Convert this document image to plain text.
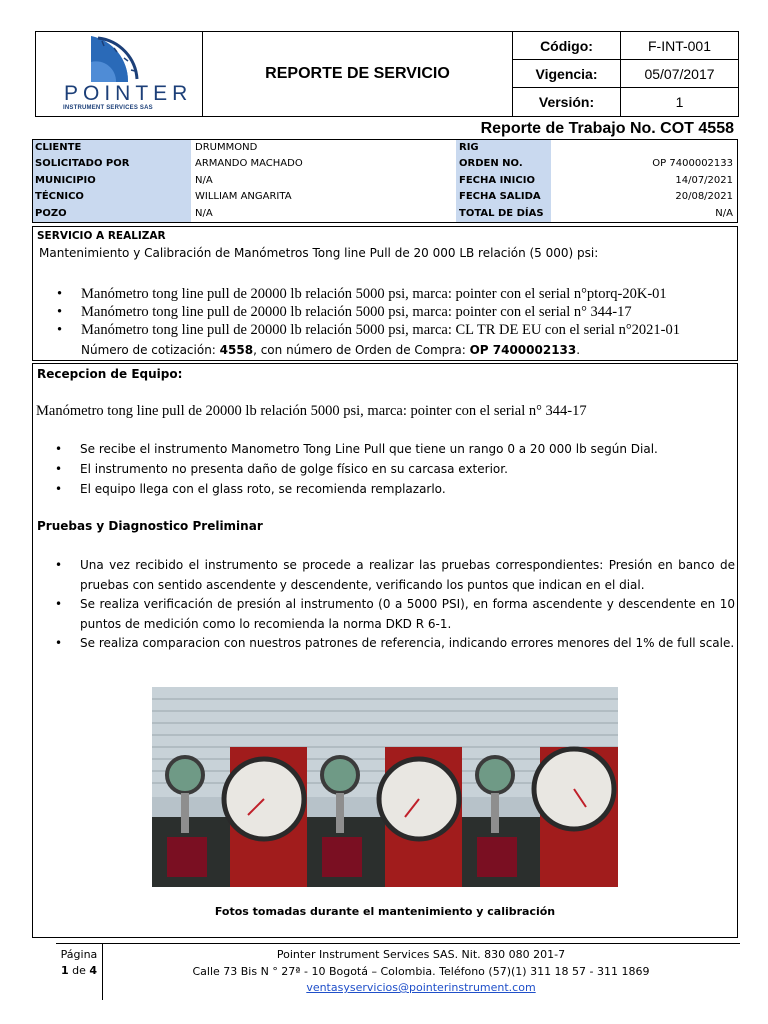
POINTER
INSTRUMENT SERVICES SAS
REPORTE DE SERVICIO
Código:	F-INT-001
Vigencia:	05/07/2017
Versión:	1
Reporte de Trabajo No. COT 4558
CLIENTE	DRUMMOND	RIG
SOLICITADO POR	ARMANDO MACHADO	ORDEN NO.	OP 7400002133
MUNICIPIO	N/A	FECHA INICIO	14/07/2021
TÉCNICO	WILLIAM ANGARITA	FECHA SALIDA	20/08/2021
POZO	N/A	TOTAL DE DÍAS	N/A
SERVICIO A REALIZAR
Mantenimiento y Calibración de Manómetros Tong line Pull de 20 000 LB relación (5 000) psi:
• Manómetro tong line pull de 20000 lb relación 5000 psi, marca: pointer con el serial n°ptorq-20K-01
• Manómetro tong line pull de 20000 lb relación 5000 psi, marca: pointer con el serial n° 344-17
• Manómetro tong line pull de 20000 lb relación 5000 psi, marca: CL TR DE EU con el serial n°2021-01
Número de cotización: 4558, con número de Orden de Compra: OP 7400002133.
Recepcion de Equipo:
Manómetro tong line pull de 20000 lb relación 5000 psi, marca: pointer con el serial n° 344-17
• Se recibe el instrumento Manometro Tong Line Pull que tiene un rango 0 a 20 000 lb según Dial.
• El instrumento no presenta daño de golge físico en su carcasa exterior.
• El equipo llega con el glass roto, se recomienda remplazarlo.
Pruebas y Diagnostico Preliminar
• Una vez recibido el instrumento se procede a realizar las pruebas correspondientes: Presión en banco de pruebas con sentido ascendente y descendente, verificando los puntos que indican en el dial.
• Se realiza verificación de presión al instrumento (0 a 5000 PSI), en forma ascendente y descendente en 10 puntos de medición como lo recomienda la norma DKD R 6-1.
• Se realiza comparacion con nuestros patrones de referencia, indicando errores menores del 1% de full scale.
Fotos tomadas durante el mantenimiento y calibración
Página
1 de 4
Pointer Instrument Services SAS. Nit. 830 080 201-7
Calle 73 Bis N ° 27ª - 10 Bogotá – Colombia. Teléfono (57)(1) 311 18 57 - 311 1869
ventasyservicios@pointerinstrument.com
